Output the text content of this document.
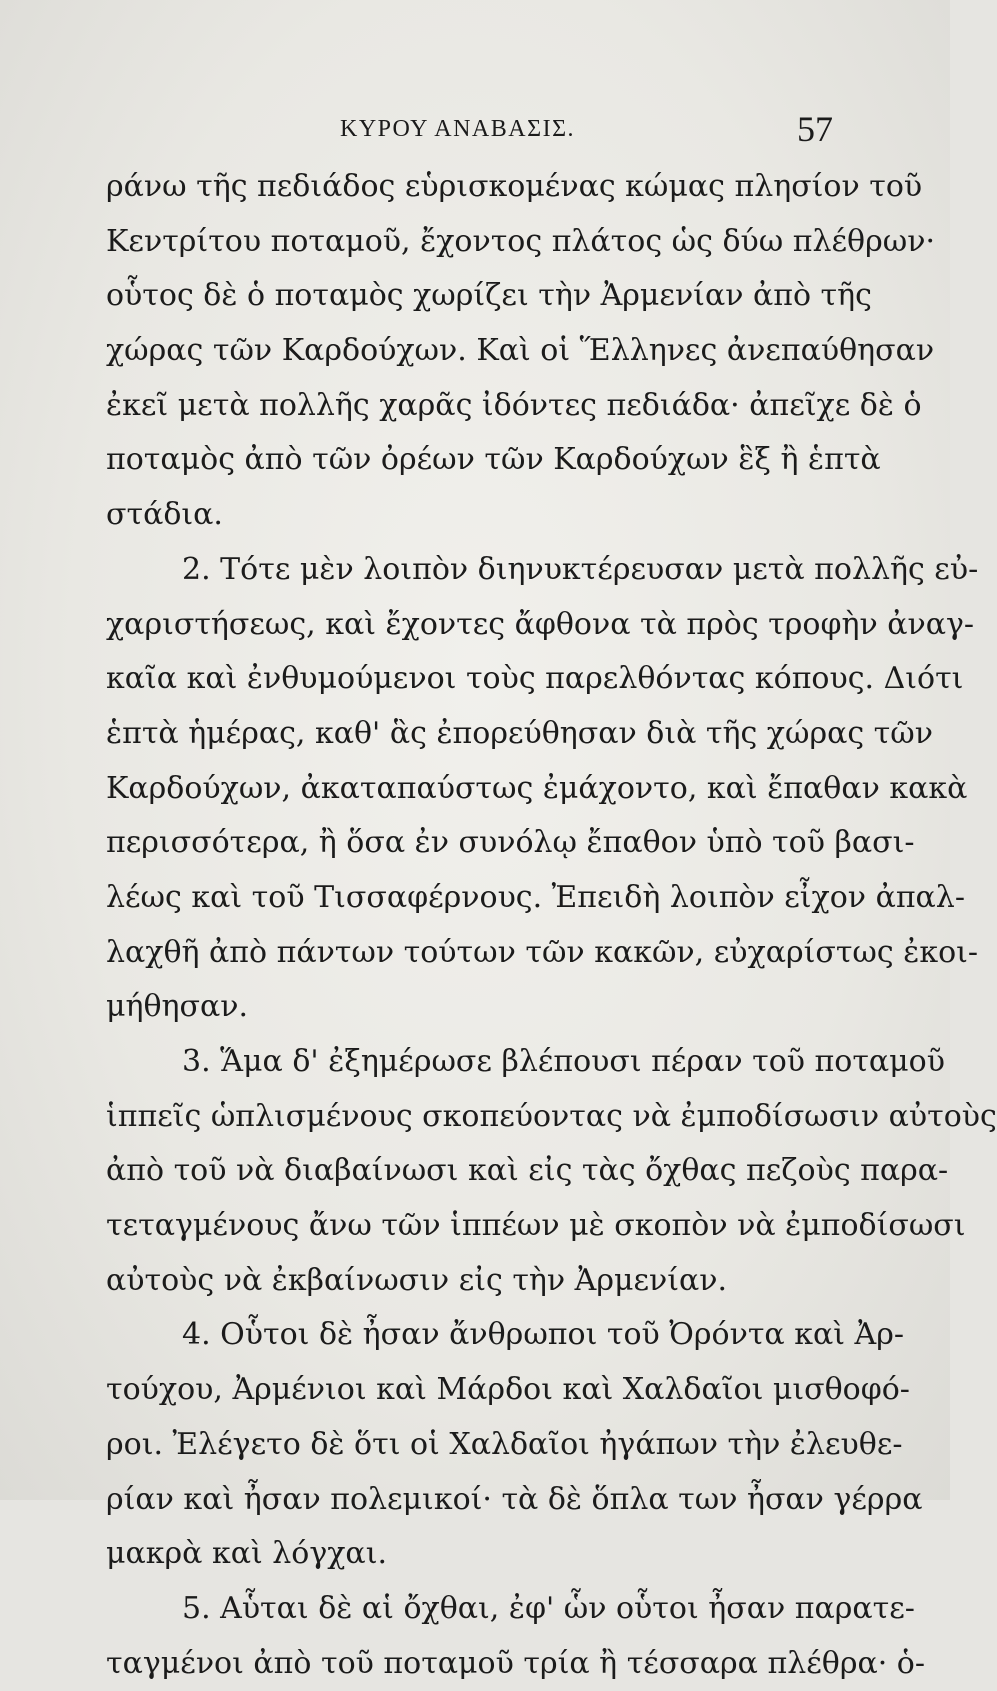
ΚΥΡΟΥ ΑΝΑΒΑΣΙΣ.	57
ράνω τῆς πεδιάδος εὑρισκομένας κώμας πλησίον τοῦ
Κεντρίτου ποταμοῦ, ἔχοντος πλάτος ὡς δύω πλέθρων·
οὗτος δὲ ὁ ποταμὸς χωρίζει τὴν Ἀρμενίαν ἀπὸ τῆς
χώρας τῶν Καρδούχων. Καὶ οἱ Ἕλληνες ἀνεπαύθησαν
ἐκεῖ μετὰ πολλῆς χαρᾶς ἰδόντες πεδιάδα· ἀπεῖχε δὲ ὁ
ποταμὸς ἀπὸ τῶν ὀρέων τῶν Καρδούχων ἓξ ἢ ἑπτὰ
στάδια.
2. Τότε μὲν λοιπὸν διηνυκτέρευσαν μετὰ πολλῆς εὐ-
χαριστήσεως, καὶ ἔχοντες ἄφθονα τὰ πρὸς τροφὴν ἀναγ-
καῖα καὶ ἐνθυμούμενοι τοὺς παρελθόντας κόπους. Διότι
ἑπτὰ ἡμέρας, καθ' ἃς ἐπορεύθησαν διὰ τῆς χώρας τῶν
Καρδούχων, ἀκαταπαύστως ἐμάχοντο, καὶ ἔπαθαν κακὰ
περισσότερα, ἢ ὅσα ἐν συνόλῳ ἔπαθον ὑπὸ τοῦ βασι-
λέως καὶ τοῦ Τισσαφέρνους. Ἐπειδὴ λοιπὸν εἶχον ἀπαλ-
λαχθῆ ἀπὸ πάντων τούτων τῶν κακῶν, εὐχαρίστως ἐκοι-
μήθησαν.
3. Ἅμα δ' ἐξημέρωσε βλέπουσι πέραν τοῦ ποταμοῦ
ἱππεῖς ὡπλισμένους σκοπεύοντας νὰ ἐμποδίσωσιν αὐτοὺς
ἀπὸ τοῦ νὰ διαβαίνωσι καὶ εἰς τὰς ὄχθας πεζοὺς παρα-
τεταγμένους ἄνω τῶν ἱππέων μὲ σκοπὸν νὰ ἐμποδίσωσι
αὐτοὺς νὰ ἐκβαίνωσιν εἰς τὴν Ἀρμενίαν.
4. Οὗτοι δὲ ἦσαν ἄνθρωποι τοῦ Ὀρόντα καὶ Ἀρ-
τούχου, Ἀρμένιοι καὶ Μάρδοι καὶ Χαλδαῖοι μισθοφό-
ροι. Ἐλέγετο δὲ ὅτι οἱ Χαλδαῖοι ἠγάπων τὴν ἐλευθε-
ρίαν καὶ ἦσαν πολεμικοί· τὰ δὲ ὅπλα των ἦσαν γέρρα
μακρὰ καὶ λόγχαι.
5. Αὗται δὲ αἱ ὄχθαι, ἐφ' ὧν οὗτοι ἦσαν παρατε-
ταγμένοι ἀπὸ τοῦ ποταμοῦ τρία ἢ τέσσαρα πλέθρα· ὁ-
